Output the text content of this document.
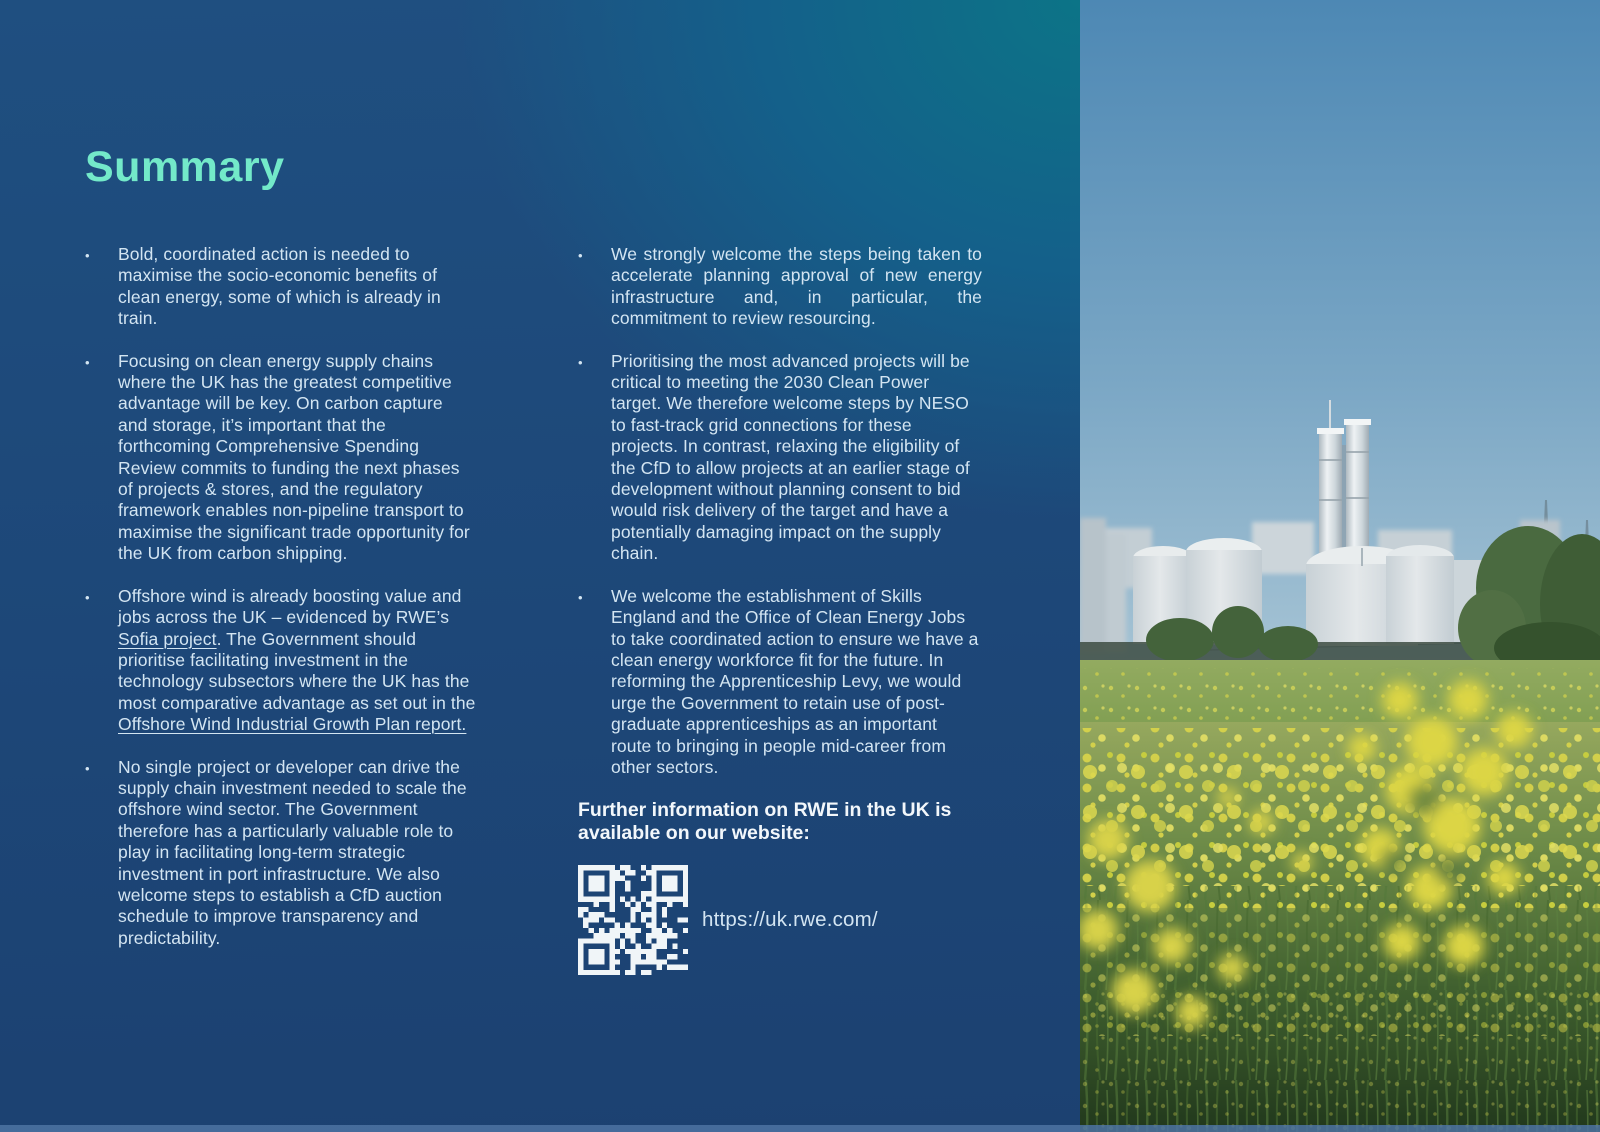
Summary
•	Bold, coordinated action is needed to maximise the socio-economic benefits of clean energy, some of which is already in train.
•	Focusing on clean energy supply chains where the UK has the greatest competitive advantage will be key. On carbon capture and storage, it’s important that the forthcoming Comprehensive Spending Review commits to funding the next phases of projects & stores, and the regulatory framework enables non-pipeline transport to maximise the significant trade opportunity for the UK from carbon shipping.
•	Offshore wind is already boosting value and jobs across the UK – evidenced by RWE’s Sofia project. The Government should prioritise facilitating investment in the technology subsectors where the UK has the most comparative advantage as set out in the Offshore Wind Industrial Growth Plan report.
•	No single project or developer can drive the supply chain investment needed to scale the offshore wind sector. The Government therefore has a particularly valuable role to play in facilitating long-term strategic investment in port infrastructure. We also welcome steps to establish a CfD auction schedule to improve transparency and predictability.
•	We strongly welcome the steps being taken to accelerate planning approval of new energy infrastructure and, in particular, the commitment to review resourcing.
•	Prioritising the most advanced projects will be critical to meeting the 2030 Clean Power target. We therefore welcome steps by NESO to fast-track grid connections for these projects. In contrast, relaxing the eligibility of the CfD to allow projects at an earlier stage of development without planning consent to bid would risk delivery of the target and have a potentially damaging impact on the supply chain.
•	We welcome the establishment of Skills England and the Office of Clean Energy Jobs to take coordinated action to ensure we have a clean energy workforce fit for the future. In reforming the Apprenticeship Levy, we would urge the Government to retain use of post-graduate apprenticeships as an important route to bringing in people mid-career from other sectors.

Further information on RWE in the UK is available on our website:

https://uk.rwe.com/
